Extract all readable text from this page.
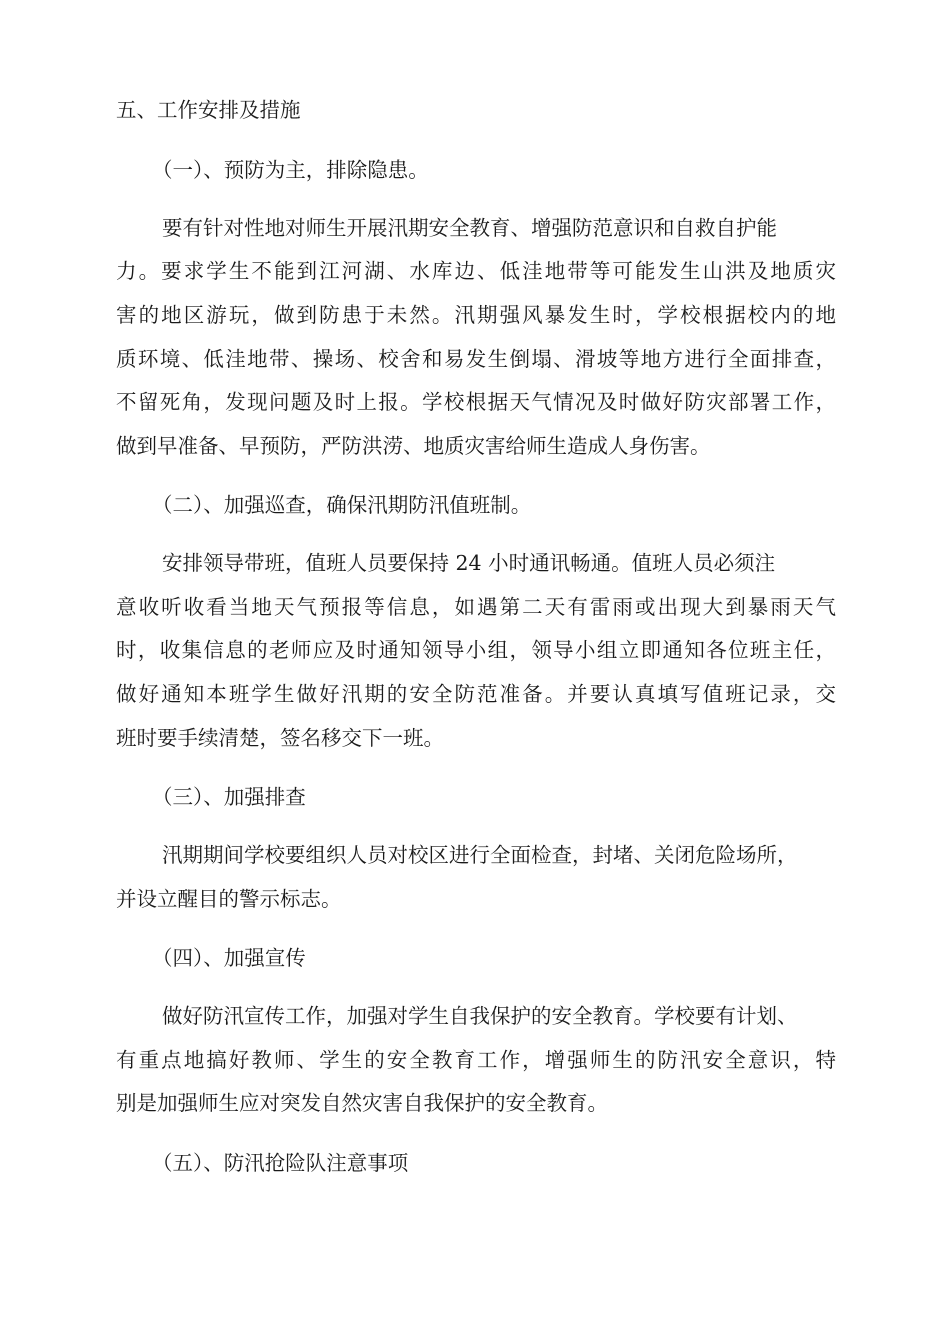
五、工作安排及措施
（一）、预防为主，排除隐患。
要有针对性地对师生开展汛期安全教育、增强防范意识和自救自护能
力。要求学生不能到江河湖、水库边、低洼地带等可能发生山洪及地质灾
害的地区游玩，做到防患于未然。汛期强风暴发生时，学校根据校内的地
质环境、低洼地带、操场、校舍和易发生倒塌、滑坡等地方进行全面排查，
不留死角，发现问题及时上报。学校根据天气情况及时做好防灾部署工作，
做到早准备、早预防，严防洪涝、地质灾害给师生造成人身伤害。
（二）、加强巡查，确保汛期防汛值班制。
安排领导带班，值班人员要保持 24 小时通讯畅通。值班人员必须注
意收听收看当地天气预报等信息，如遇第二天有雷雨或出现大到暴雨天气
时，收集信息的老师应及时通知领导小组，领导小组立即通知各位班主任，
做好通知本班学生做好汛期的安全防范准备。并要认真填写值班记录，交
班时要手续清楚，签名移交下一班。
（三）、加强排查
汛期期间学校要组织人员对校区进行全面检查，封堵、关闭危险场所，
并设立醒目的警示标志。
（四）、加强宣传
做好防汛宣传工作，加强对学生自我保护的安全教育。学校要有计划、
有重点地搞好教师、学生的安全教育工作，增强师生的防汛安全意识，特
别是加强师生应对突发自然灾害自我保护的安全教育。
（五）、防汛抢险队注意事项
